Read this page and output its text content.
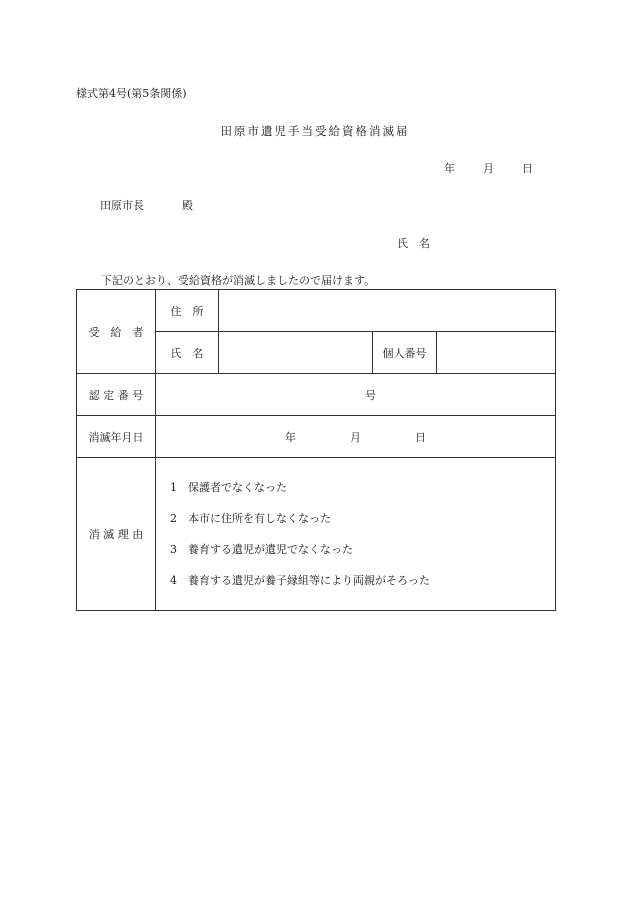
様式第4号(第5条関係)
田原市遺児手当受給資格消滅届
年	月	日
田原市長	殿
氏　名
下記のとおり、受給資格が消滅しましたので届けます。
受　給　者	住　所			
	氏　名		個人番号	
認 定 番 号	号			
消滅年月日	年 月 日			
消 滅 理 由	1 保護者でなくなった
2 本市に住所を有しなくなった
3 養育する遺児が遺児でなくなった
4 養育する遺児が養子縁組等により両親がそろった			
